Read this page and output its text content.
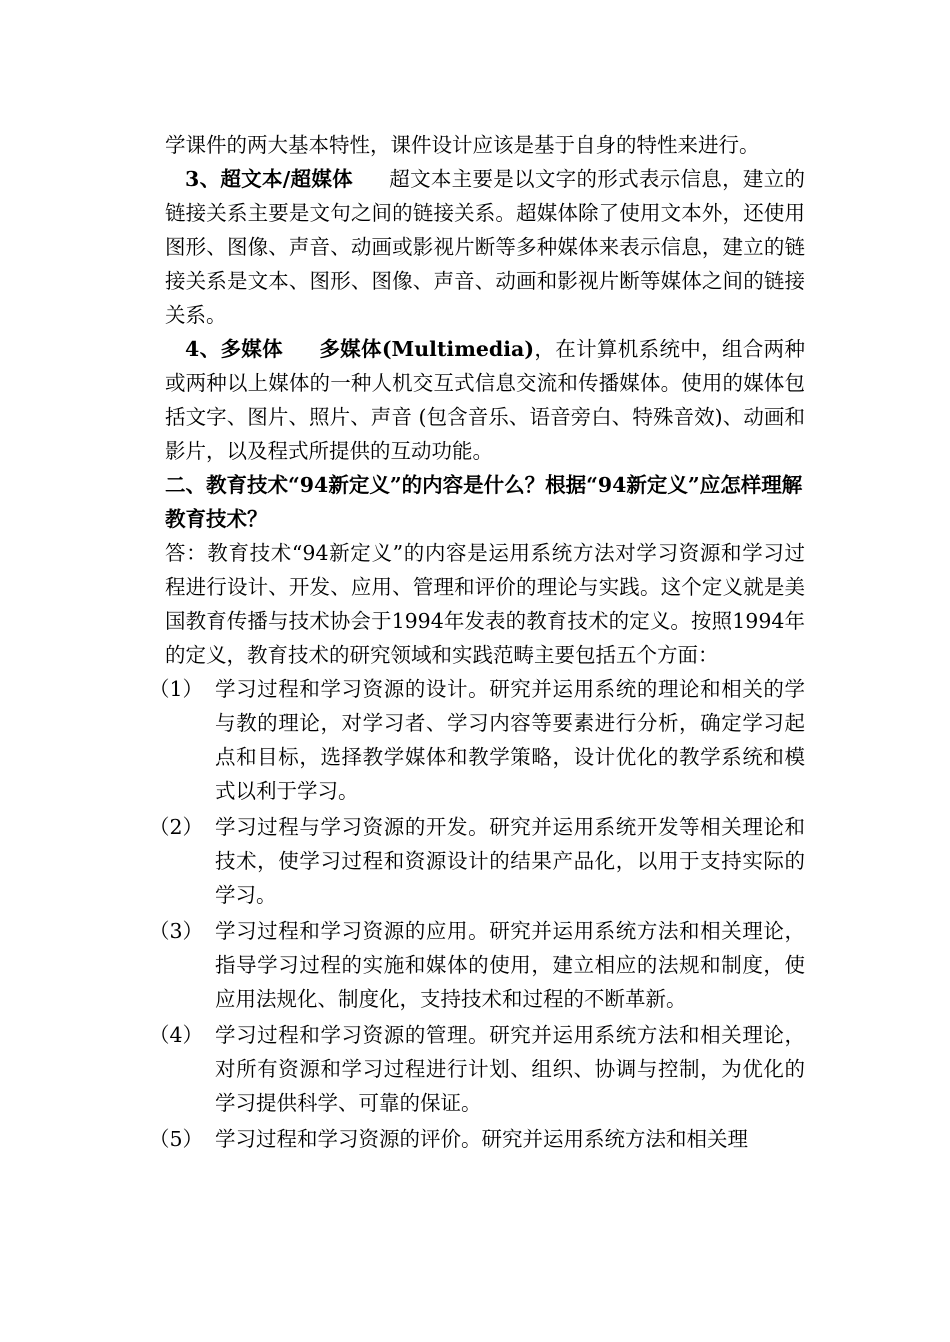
学课件的两大基本特性，课件设计应该是基于自身的特性来进行。

3、超文本/超媒体 超文本主要是以文字的形式表示信息，建立的链接关系主要是文句之间的链接关系。超媒体除了使用文本外，还使用图形、图像、声音、动画或影视片断等多种媒体来表示信息，建立的链接关系是文本、图形、图像、声音、动画和影视片断等媒体之间的链接关系。

4、多媒体 多媒体(Multimedia)，在计算机系统中，组合两种或两种以上媒体的一种人机交互式信息交流和传播媒体。使用的媒体包括文字、图片、照片、声音 (包含音乐、语音旁白、特殊音效)、动画和影片，以及程式所提供的互动功能。

二、教育技术“94新定义”的内容是什么？根据“94新定义”应怎样理解教育技术？

答：教育技术“94新定义”的内容是运用系统方法对学习资源和学习过程进行设计、开发、应用、管理和评价的理论与实践。这个定义就是美国教育传播与技术协会于1994年发表的教育技术的定义。按照1994年的定义，教育技术的研究领域和实践范畴主要包括五个方面：

（1） 学习过程和学习资源的设计。研究并运用系统的理论和相关的学与教的理论，对学习者、学习内容等要素进行分析，确定学习起点和目标，选择教学媒体和教学策略，设计优化的教学系统和模式以利于学习。
（2） 学习过程与学习资源的开发。研究并运用系统开发等相关理论和技术，使学习过程和资源设计的结果产品化，以用于支持实际的学习。
（3） 学习过程和学习资源的应用。研究并运用系统方法和相关理论，指导学习过程的实施和媒体的使用，建立相应的法规和制度，使应用法规化、制度化，支持技术和过程的不断革新。
（4） 学习过程和学习资源的管理。研究并运用系统方法和相关理论，对所有资源和学习过程进行计划、组织、协调与控制，为优化的学习提供科学、可靠的保证。
（5） 学习过程和学习资源的评价。研究并运用系统方法和相关理
